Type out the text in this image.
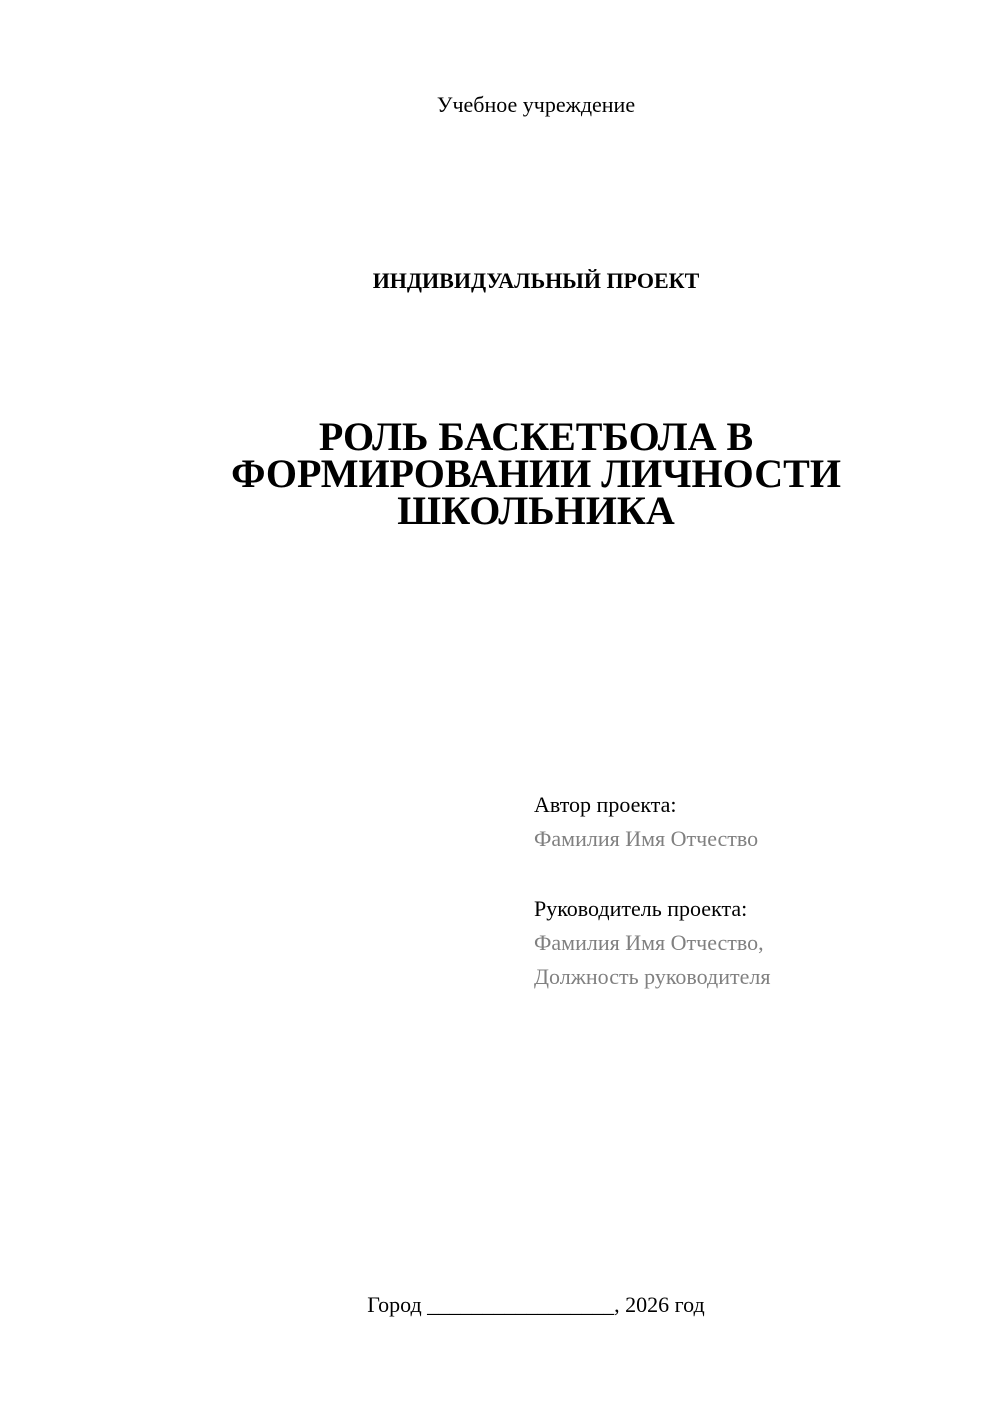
Учебное учреждение
ИНДИВИДУАЛЬНЫЙ ПРОЕКТ
РОЛЬ БАСКЕТБОЛА В
ФОРМИРОВАНИИ ЛИЧНОСТИ
ШКОЛЬНИКА
Автор проекта:
Фамилия Имя Отчество
Руководитель проекта:
Фамилия Имя Отчество,
Должность руководителя
Город _________________, 2026 год
